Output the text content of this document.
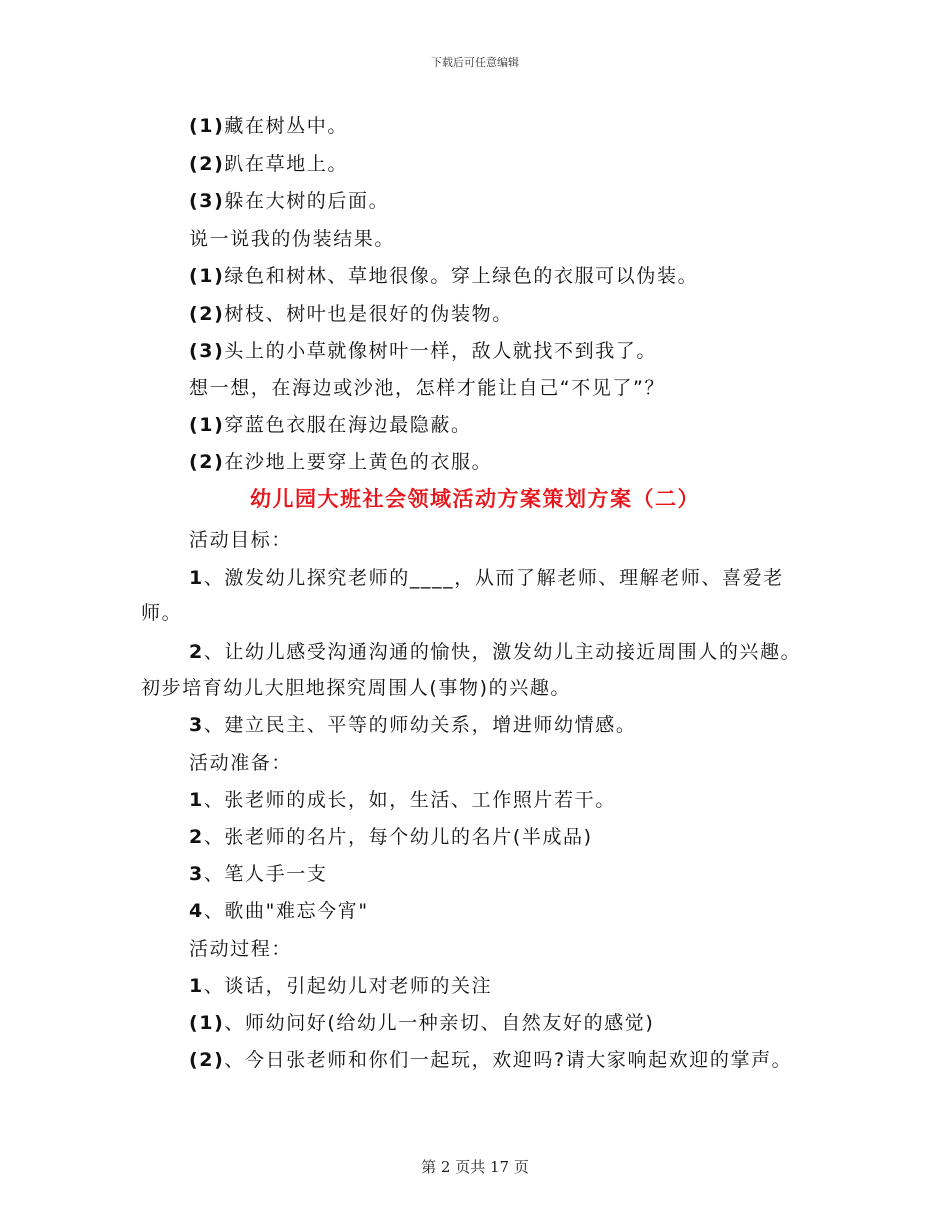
下载后可任意编辑
(1)藏在树丛中。
(2)趴在草地上。
(3)躲在大树的后面。
说一说我的伪装结果。
(1)绿色和树林、草地很像。穿上绿色的衣服可以伪装。
(2)树枝、树叶也是很好的伪装物。
(3)头上的小草就像树叶一样，敌人就找不到我了。
想一想，在海边或沙池，怎样才能让自己“不见了”？
(1)穿蓝色衣服在海边最隐蔽。
(2)在沙地上要穿上黄色的衣服。
幼儿园大班社会领域活动方案策划方案（二）
活动目标：
1、激发幼儿探究老师的____，从而了解老师、理解老师、喜爱老
师。
2、让幼儿感受沟通沟通的愉快，激发幼儿主动接近周围人的兴趣。
初步培育幼儿大胆地探究周围人(事物)的兴趣。
3、建立民主、平等的师幼关系，增进师幼情感。
活动准备：
1、张老师的成长，如，生活、工作照片若干。
2、张老师的名片，每个幼儿的名片(半成品)
3、笔人手一支
4、歌曲"难忘今宵"
活动过程：
1、谈话，引起幼儿对老师的关注
(1)、师幼问好(给幼儿一种亲切、自然友好的感觉)
(2)、今日张老师和你们一起玩，欢迎吗?请大家响起欢迎的掌声。
第 2 页共 17 页
